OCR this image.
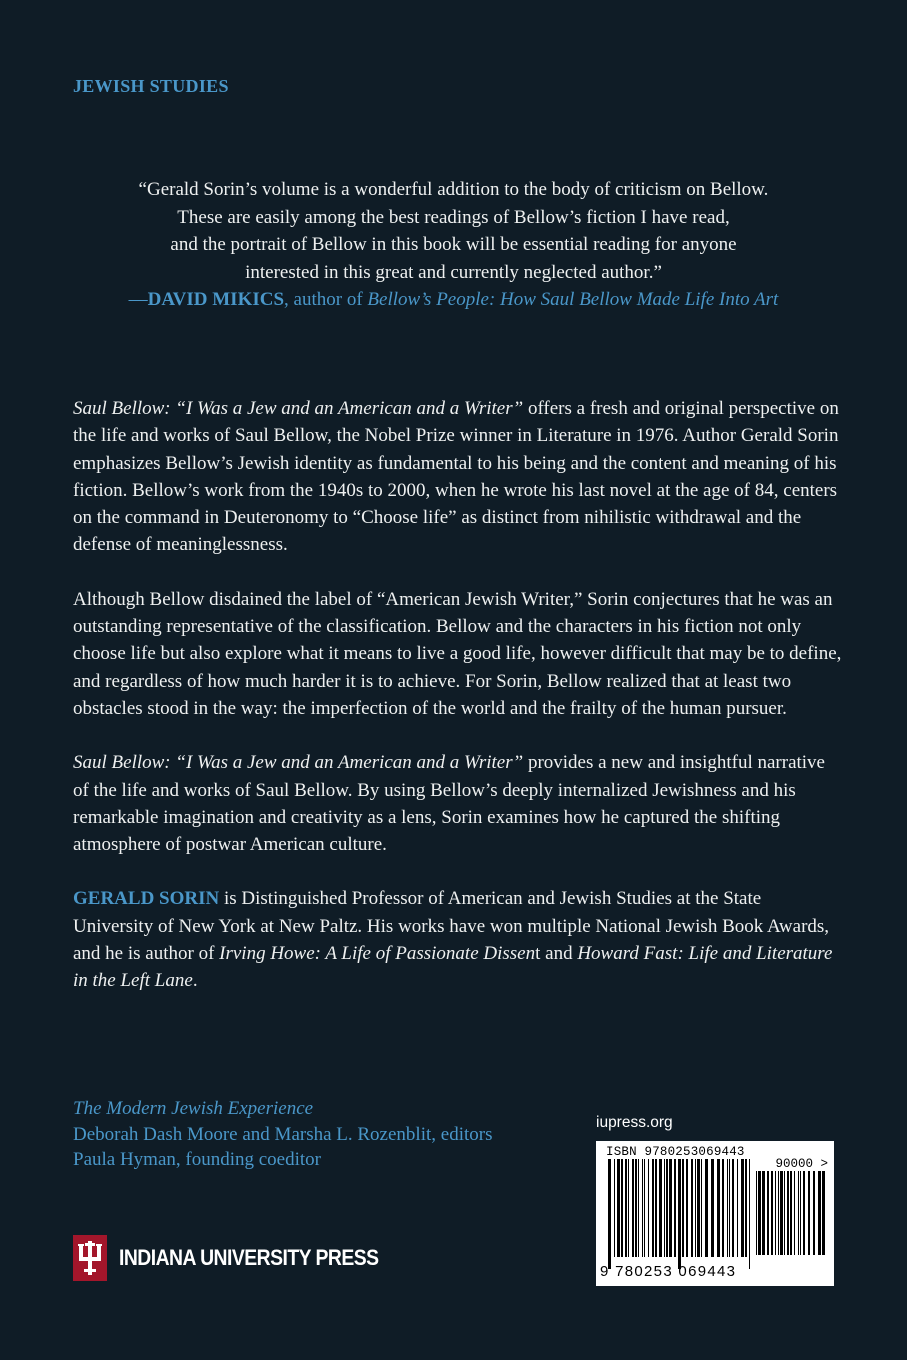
JEWISH STUDIES

“Gerald Sorin’s volume is a wonderful addition to the body of criticism on Bellow.

These are easily among the best readings of Bellow’s fiction I have read,

and the portrait of Bellow in this book will be essential reading for anyone

interested in this great and currently neglected author.”

—DAVID MIKICS, author of Bellow’s People: How Saul Bellow Made Life Into Art

Saul Bellow: “I Was a Jew and an American and a Writer” offers a fresh and original perspective on the life and works of Saul Bellow, the Nobel Prize winner in Literature in 1976. Author Gerald Sorin emphasizes Bellow’s Jewish identity as fundamental to his being and the content and meaning of his fiction. Bellow’s work from the 1940s to 2000, when he wrote his last novel at the age of 84, centers on the command in Deuteronomy to “Choose life” as distinct from nihilistic withdrawal and the defense of meaninglessness.

Although Bellow disdained the label of “American Jewish Writer,” Sorin conjectures that he was an outstanding representative of the classification. Bellow and the characters in his fiction not only choose life but also explore what it means to live a good life, however difficult that may be to define, and regardless of how much harder it is to achieve. For Sorin, Bellow realized that at least two obstacles stood in the way: the imperfection of the world and the frailty of the human pursuer.

Saul Bellow: “I Was a Jew and an American and a Writer” provides a new and insightful narrative of the life and works of Saul Bellow. By using Bellow’s deeply internalized Jewishness and his remarkable imagination and creativity as a lens, Sorin examines how he captured the shifting atmosphere of postwar American culture.

GERALD SORIN is Distinguished Professor of American and Jewish Studies at the State University of New York at New Paltz. His works have won multiple National Jewish Book Awards, and he is author of Irving Howe: A Life of Passionate Dissent and Howard Fast: Life and Literature in the Left Lane.

The Modern Jewish Experience
Deborah Dash Moore and Marsha L. Rozenblit, editors
Paula Hyman, founding coeditor
INDIANA UNIVERSITY PRESS
iupress.org
ISBN 9780253069443
90000 >
9 780253 069443
